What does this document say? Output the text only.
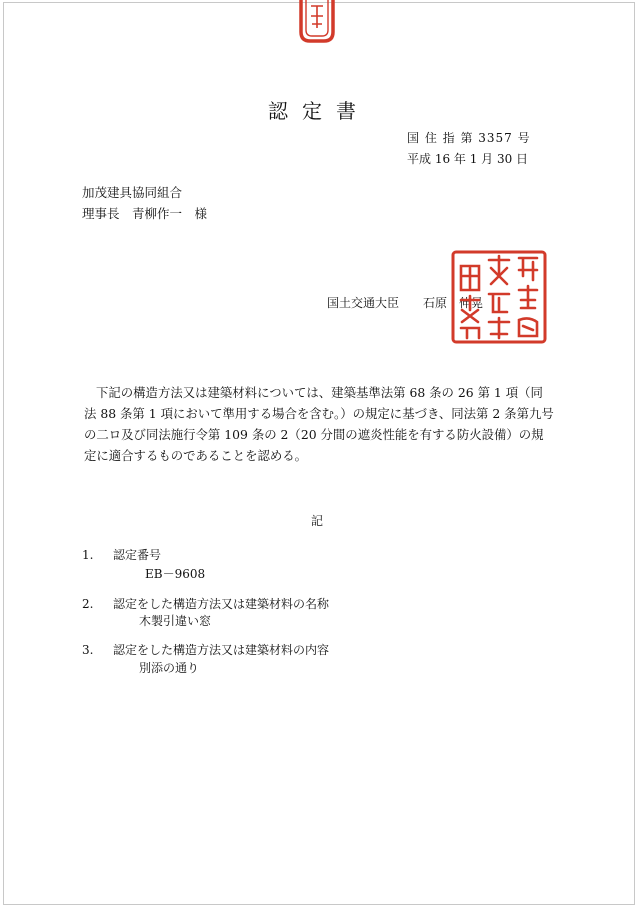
認定書
国 住 指 第 3357 号
平成 16 年 1 月 30 日
加茂建具協同組合
理事長　青柳作一　様
国土交通大臣　　石原　伸晃
下記の構造方法又は建築材料については、建築基準法第 68 条の 26 第 1 項（同法 88 条第 1 項において準用する場合を含む。）の規定に基づき、同法第 2 条第九号の二ロ及び同法施行令第 109 条の 2（20 分間の遮炎性能を有する防火設備）の規定に適合するものであることを認める。
記
1. 認定番号
EB－9608
2. 認定をした構造方法又は建築材料の名称
木製引違い窓
3. 認定をした構造方法又は建築材料の内容
別添の通り
